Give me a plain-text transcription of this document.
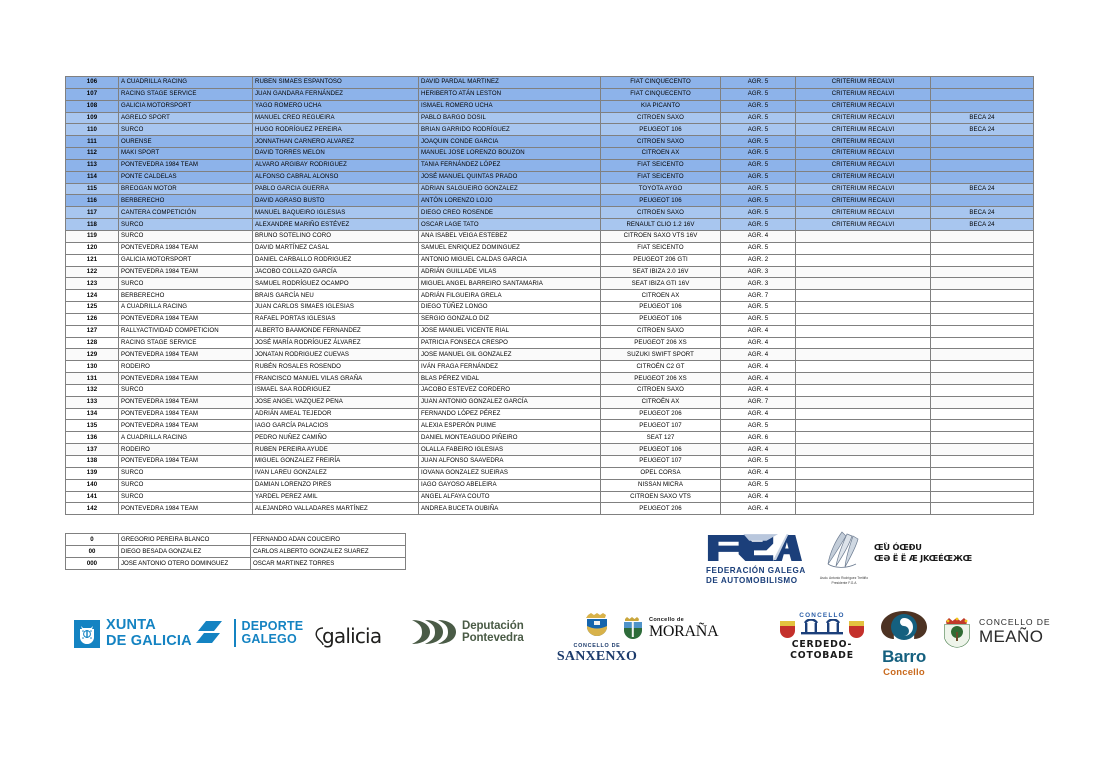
106	A CUADRILLA RACING	RUBEN SIMAES ESPANTOSO	DAVID PARDAL MARTINEZ	FIAT CINQUECENTO	AGR. 5	CRITERIUM RECALVI	
107	RACING STAGE SERVICE	JUAN GANDARA FERNÁNDEZ	HERIBERTO ATÁN LESTON	FIAT CINQUECENTO	AGR. 5	CRITERIUM RECALVI	
108	GALICIA MOTORSPORT	YAGO ROMERO UCHA	ISMAEL ROMERO UCHA	KIA PICANTO	AGR. 5	CRITERIUM RECALVI	
109	AGRELO SPORT	MANUEL CREO REGUEIRA	PABLO BARGO DOSIL	CITROEN SAXO	AGR. 5	CRITERIUM RECALVI	BECA 24
110	SURCO	HUGO RODRÍGUEZ PEREIRA	BRIAN GARRIDO RODRÍGUEZ	PEUGEOT 106	AGR. 5	CRITERIUM RECALVI	BECA 24
111	OURENSE	JONNATHAN CARNERO ALVAREZ	JOAQUIN CONDE GARCIA	CITROEN SAXO	AGR. 5	CRITERIUM RECALVI	
112	MAKI SPORT	DAVID TORRES MELON	MANUEL JOSE LORENZO BOUZON	CITROEN AX	AGR. 5	CRITERIUM RECALVI	
113	PONTEVEDRA 1984 TEAM	ALVARO ARGIBAY RODRIGUEZ	TANIA FERNÁNDEZ LÓPEZ	FIAT SEICENTO	AGR. 5	CRITERIUM RECALVI	
114	PONTE CALDELAS	ALFONSO CABRAL ALONSO	JOSÉ MANUEL QUINTAS PRADO	FIAT SEICENTO	AGR. 5	CRITERIUM RECALVI	
115	BREOGAN MOTOR	PABLO GARCIA GUERRA	ADRIAN SALGUEIRO GONZALEZ	TOYOTA AYGO	AGR. 5	CRITERIUM RECALVI	BECA 24
116	BERBERECHO	DAVID AGRASO BUSTO	ANTÓN LORENZO LOJO	PEUGEOT 106	AGR. 5	CRITERIUM RECALVI	
117	CANTERA COMPETICIÓN	MANUEL BAQUEIRO IGLESIAS	DIEGO CREO ROSENDE	CITROEN SAXO	AGR. 5	CRITERIUM RECALVI	BECA 24
118	SURCO	ALEXANDRE MARIÑO ESTÉVEZ	OSCAR LAGE TATO	RENAULT CLIO 1.2 16V	AGR. 5	CRITERIUM RECALVI	BECA 24
119	SURCO	BRUNO SOTELINO CORO	ANA ISABEL VEIGA ESTEBEZ	CITROEN SAXO VTS 16V	AGR. 4		
120	PONTEVEDRA 1984 TEAM	DAVID MARTÍNEZ CASAL	SAMUEL ENRIQUEZ DOMINGUEZ	FIAT SEICENTO	AGR. 5		
121	GALICIA MOTORSPORT	DANIEL CARBALLO RODRIGUEZ	ANTONIO MIGUEL CALDAS GARCIA	PEUGEOT 206 GTI	AGR. 2		
122	PONTEVEDRA 1984 TEAM	JACOBO COLLAZO GARCÍA	ADRIÁN GUILLADE VILAS	SEAT IBIZA 2.0 16V	AGR. 3		
123	SURCO	SAMUEL RODRÍGUEZ OCAMPO	MIGUEL ANGEL BARREIRO SANTAMARIA	SEAT IBIZA GTI 16V	AGR. 3		
124	BERBERECHO	BRAIS GARCÍA NEU	ADRIÁN FILGUEIRA GRELA	CITROEN AX	AGR. 7		
125	A CUADRILLA RACING	JUAN CARLOS SIMAES IGLESIAS	DIEGO TÚÑEZ LONGO	PEUGEOT 106	AGR. 5		
126	PONTEVEDRA 1984 TEAM	RAFAEL PORTAS IGLESIAS	SERGIO GONZALO DIZ	PEUGEOT 106	AGR. 5		
127	RALLYACTIVIDAD COMPETICION	ALBERTO BAAMONDE FERNANDEZ	JOSE MANUEL VICENTE RIAL	CITROEN SAXO	AGR. 4		
128	RACING STAGE SERVICE	JOSÉ MARÍA RODRÍGUEZ ÁLVAREZ	PATRICIA FONSECA CRESPO	PEUGEOT 206 XS	AGR. 4		
129	PONTEVEDRA 1984 TEAM	JONATAN RODRIGUEZ CUEVAS	JOSE MANUEL GIL GONZALEZ	SUZUKI SWIFT SPORT	AGR. 4		
130	RODEIRO	RUBÉN ROSALES ROSENDO	IVÁN FRAGA FERNÁNDEZ	CITROËN C2 GT	AGR. 4		
131	PONTEVEDRA 1984 TEAM	FRANCISCO MANUEL VILAS GRAÑA	BLAS PÉREZ VIDAL	PEUGEOT 206 XS	AGR. 4		
132	SURCO	ISMAEL SAA RODRIGUEZ	JACOBO ESTEVEZ CORDERO	CITROEN SAXO	AGR. 4		
133	PONTEVEDRA 1984 TEAM	JOSE ANGEL VAZQUEZ PENA	JUAN ANTONIO GONZALEZ GARCÍA	CITROËN AX	AGR. 7		
134	PONTEVEDRA 1984 TEAM	ADRIÁN AMEAL TEJEDOR	FERNANDO LÓPEZ PÉREZ	PEUGEOT 206	AGR. 4		
135	PONTEVEDRA 1984 TEAM	IAGO GARCÍA PALACIOS	ALEXIA ESPERÓN PUIME	PEUGEOT 107	AGR. 5		
136	A CUADRILLA RACING	PEDRO NUÑEZ CAMIÑO	DANIEL MONTEAGUDO PIÑEIRO	SEAT 127	AGR. 6		
137	RODEIRO	RUBEN PEREIRA AYUDE	OLALLA FABEIRO IGLESIAS	PEUGEOT 106	AGR. 4		
138	PONTEVEDRA 1984 TEAM	MIGUEL GONZALEZ FREIRÍA	JUAN ALFONSO SAAVEDRA	PEUGEOT 107	AGR. 5		
139	SURCO	IVAN LAREU GONZALEZ	IOVANA GONZALEZ SUEIRAS	OPEL CORSA	AGR. 4		
140	SURCO	DAMIAN LORENZO PIRES	IAGO GAYOSO ABELEIRA	NISSAN MICRA	AGR. 5		
141	SURCO	YARDEL PEREZ AMIL	ANGEL ALFAYA COUTO	CITROEN SAXO VTS	AGR. 4		
142	PONTEVEDRA 1984 TEAM	ALEJANDRO VALLADARES MARTÍNEZ	ANDREA BUCETA OUBIÑA	PEUGEOT 206	AGR. 4		
0	GREGORIO PEREIRA BLANCO	FERNANDO ADAN COUCEIRO
00	DIEGO BESADA GONZALEZ	CARLOS ALBERTO GONZALEZ SUAREZ
000	JOSE ANTONIO OTERO DOMINGUEZ	OSCAR MARTINEZ TORRES
FEDERACIÓN GALEGA
DE AUTOMOBILISMO	Asdo. Antonio Rodríguez Treitiño
Presidente F.G.A
Œ۟Ù ÓŒÐU
ŒƏ Ë Ë Æ JKŒÉŒЖŒ
XUNTA
DE GALICIA
DEPORTE
GALEGO	galicia	Deputación
Pontevedra
CONCELLO DE
SANXENXO
Concello de
MORAÑA
CONCELLO
CERDEDO-COTOBADE	Barro
Concello
CONCELLO DE
MEAÑO
